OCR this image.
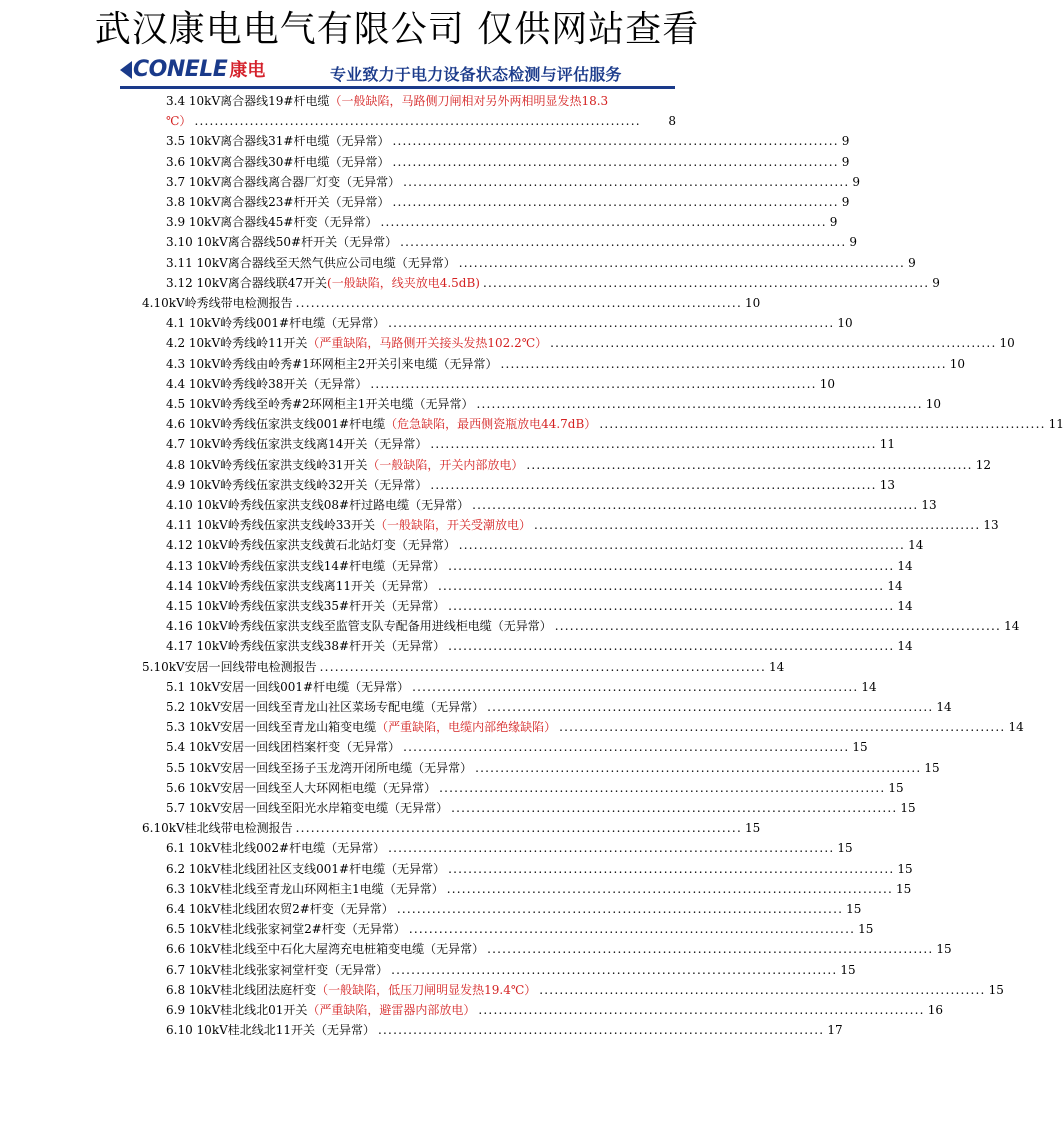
武汉康电电气有限公司 仅供网站查看
CONELE 康电	专业致力于电力设备状态检测与评估服务
3.4 10kV离合器线19#杆电缆（一般缺陷，马路侧刀闸相对另外两相明显发热18.3
℃） .........................................................................................	8
3.5 10kV离合器线31#杆电缆（无异常） ......................................................................................... 9
3.6 10kV离合器线30#杆电缆（无异常） ......................................................................................... 9
3.7 10kV离合器线离合器厂灯变（无异常） ......................................................................................... 9
3.8 10kV离合器线23#杆开关（无异常） ......................................................................................... 9
3.9 10kV离合器线45#杆变（无异常） ......................................................................................... 9
3.10 10kV离合器线50#杆开关（无异常） ......................................................................................... 9
3.11 10kV离合器线至天然气供应公司电缆（无异常） ......................................................................................... 9
3.12 10kV离合器线联47开关(一般缺陷，线夹放电4.5dB) ......................................................................................... 9
4.10kV岭秀线带电检测报告 ......................................................................................... 10
4.1 10kV岭秀线001#杆电缆（无异常） ......................................................................................... 10
4.2 10kV岭秀线岭11开关（严重缺陷，马路侧开关接头发热102.2℃） ......................................................................................... 10
4.3 10kV岭秀线由岭秀#1环网柜主2开关引来电缆（无异常） ......................................................................................... 10
4.4 10kV岭秀线岭38开关（无异常） ......................................................................................... 10
4.5 10kV岭秀线至岭秀#2环网柜主1开关电缆（无异常） ......................................................................................... 10
4.6 10kV岭秀线伍家洪支线001#杆电缆（危急缺陷，最西侧瓷瓶放电44.7dB） ......................................................................................... 11
4.7 10kV岭秀线伍家洪支线离14开关（无异常） ......................................................................................... 11
4.8 10kV岭秀线伍家洪支线岭31开关（一般缺陷，开关内部放电） ......................................................................................... 12
4.9 10kV岭秀线伍家洪支线岭32开关（无异常） ......................................................................................... 13
4.10 10kV岭秀线伍家洪支线08#杆过路电缆（无异常） ......................................................................................... 13
4.11 10kV岭秀线伍家洪支线岭33开关（一般缺陷，开关受潮放电） ......................................................................................... 13
4.12 10kV岭秀线伍家洪支线黄石北站灯变（无异常） ......................................................................................... 14
4.13 10kV岭秀线伍家洪支线14#杆电缆（无异常） ......................................................................................... 14
4.14 10kV岭秀线伍家洪支线离11开关（无异常） ......................................................................................... 14
4.15 10kV岭秀线伍家洪支线35#杆开关（无异常） ......................................................................................... 14
4.16 10kV岭秀线伍家洪支线至监管支队专配备用进线柜电缆（无异常） ......................................................................................... 14
4.17 10kV岭秀线伍家洪支线38#杆开关（无异常） ......................................................................................... 14
5.10kV安居一回线带电检测报告 ......................................................................................... 14
5.1 10kV安居一回线001#杆电缆（无异常） ......................................................................................... 14
5.2 10kV安居一回线至青龙山社区菜场专配电缆（无异常） ......................................................................................... 14
5.3 10kV安居一回线至青龙山箱变电缆（严重缺陷，电缆内部绝缘缺陷） ......................................................................................... 14
5.4 10kV安居一回线团档案杆变（无异常） ......................................................................................... 15
5.5 10kV安居一回线至扬子玉龙湾开闭所电缆（无异常） ......................................................................................... 15
5.6 10kV安居一回线至人大环网柜电缆（无异常） ......................................................................................... 15
5.7 10kV安居一回线至阳光水岸箱变电缆（无异常） ......................................................................................... 15
6.10kV桂北线带电检测报告 ......................................................................................... 15
6.1 10kV桂北线002#杆电缆（无异常） ......................................................................................... 15
6.2 10kV桂北线团社区支线001#杆电缆（无异常） ......................................................................................... 15
6.3 10kV桂北线至青龙山环网柜主1电缆（无异常） ......................................................................................... 15
6.4 10kV桂北线团农贸2#杆变（无异常） ......................................................................................... 15
6.5 10kV桂北线张家祠堂2#杆变（无异常） ......................................................................................... 15
6.6 10kV桂北线至中石化大屋湾充电桩箱变电缆（无异常） ......................................................................................... 15
6.7 10kV桂北线张家祠堂杆变（无异常） ......................................................................................... 15
6.8 10kV桂北线团法庭杆变（一般缺陷，低压刀闸明显发热19.4℃） ......................................................................................... 15
6.9 10kV桂北线北01开关（严重缺陷，避雷器内部放电） ......................................................................................... 16
6.10 10kV桂北线北11开关（无异常） ......................................................................................... 17
